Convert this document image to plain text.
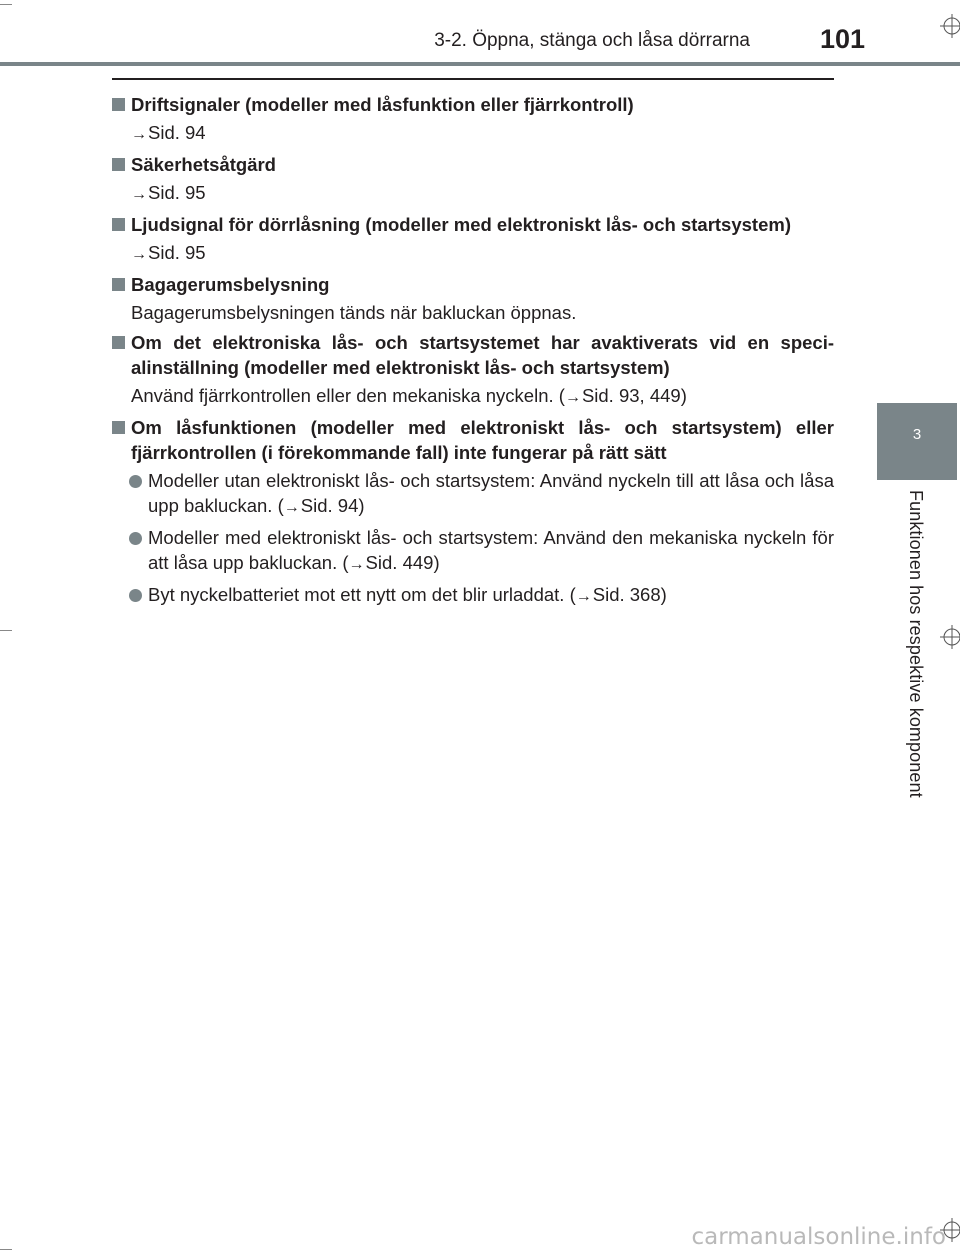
3-2. Öppna, stänga och låsa dörrarna	101
3
Funktionen hos respektive komponent
Driftsignaler (modeller med låsfunktion eller fjärrkontroll)
→Sid. 94
Säkerhetsåtgärd
→Sid. 95
Ljudsignal för dörrlåsning (modeller med elektroniskt lås- och startsystem)
→Sid. 95
Bagagerumsbelysning
Bagagerumsbelysningen tänds när bakluckan öppnas.
Om det elektroniska lås- och startsystemet har avaktiverats vid en speci- alinställning (modeller med elektroniskt lås- och startsystem)
Använd fjärrkontrollen eller den mekaniska nyckeln. (→Sid. 93, 449)
Om låsfunktionen (modeller med elektroniskt lås- och startsystem) eller fjärrkontrollen (i förekommande fall) inte fungerar på rätt sätt
Modeller utan elektroniskt lås- och startsystem: Använd nyckeln till att låsa och låsa upp bakluckan. (→Sid. 94)
Modeller med elektroniskt lås- och startsystem: Använd den mekaniska nyckeln för att låsa upp bakluckan. (→Sid. 449)
Byt nyckelbatteriet mot ett nytt om det blir urladdat. (→Sid. 368)
carmanualsonline.info
